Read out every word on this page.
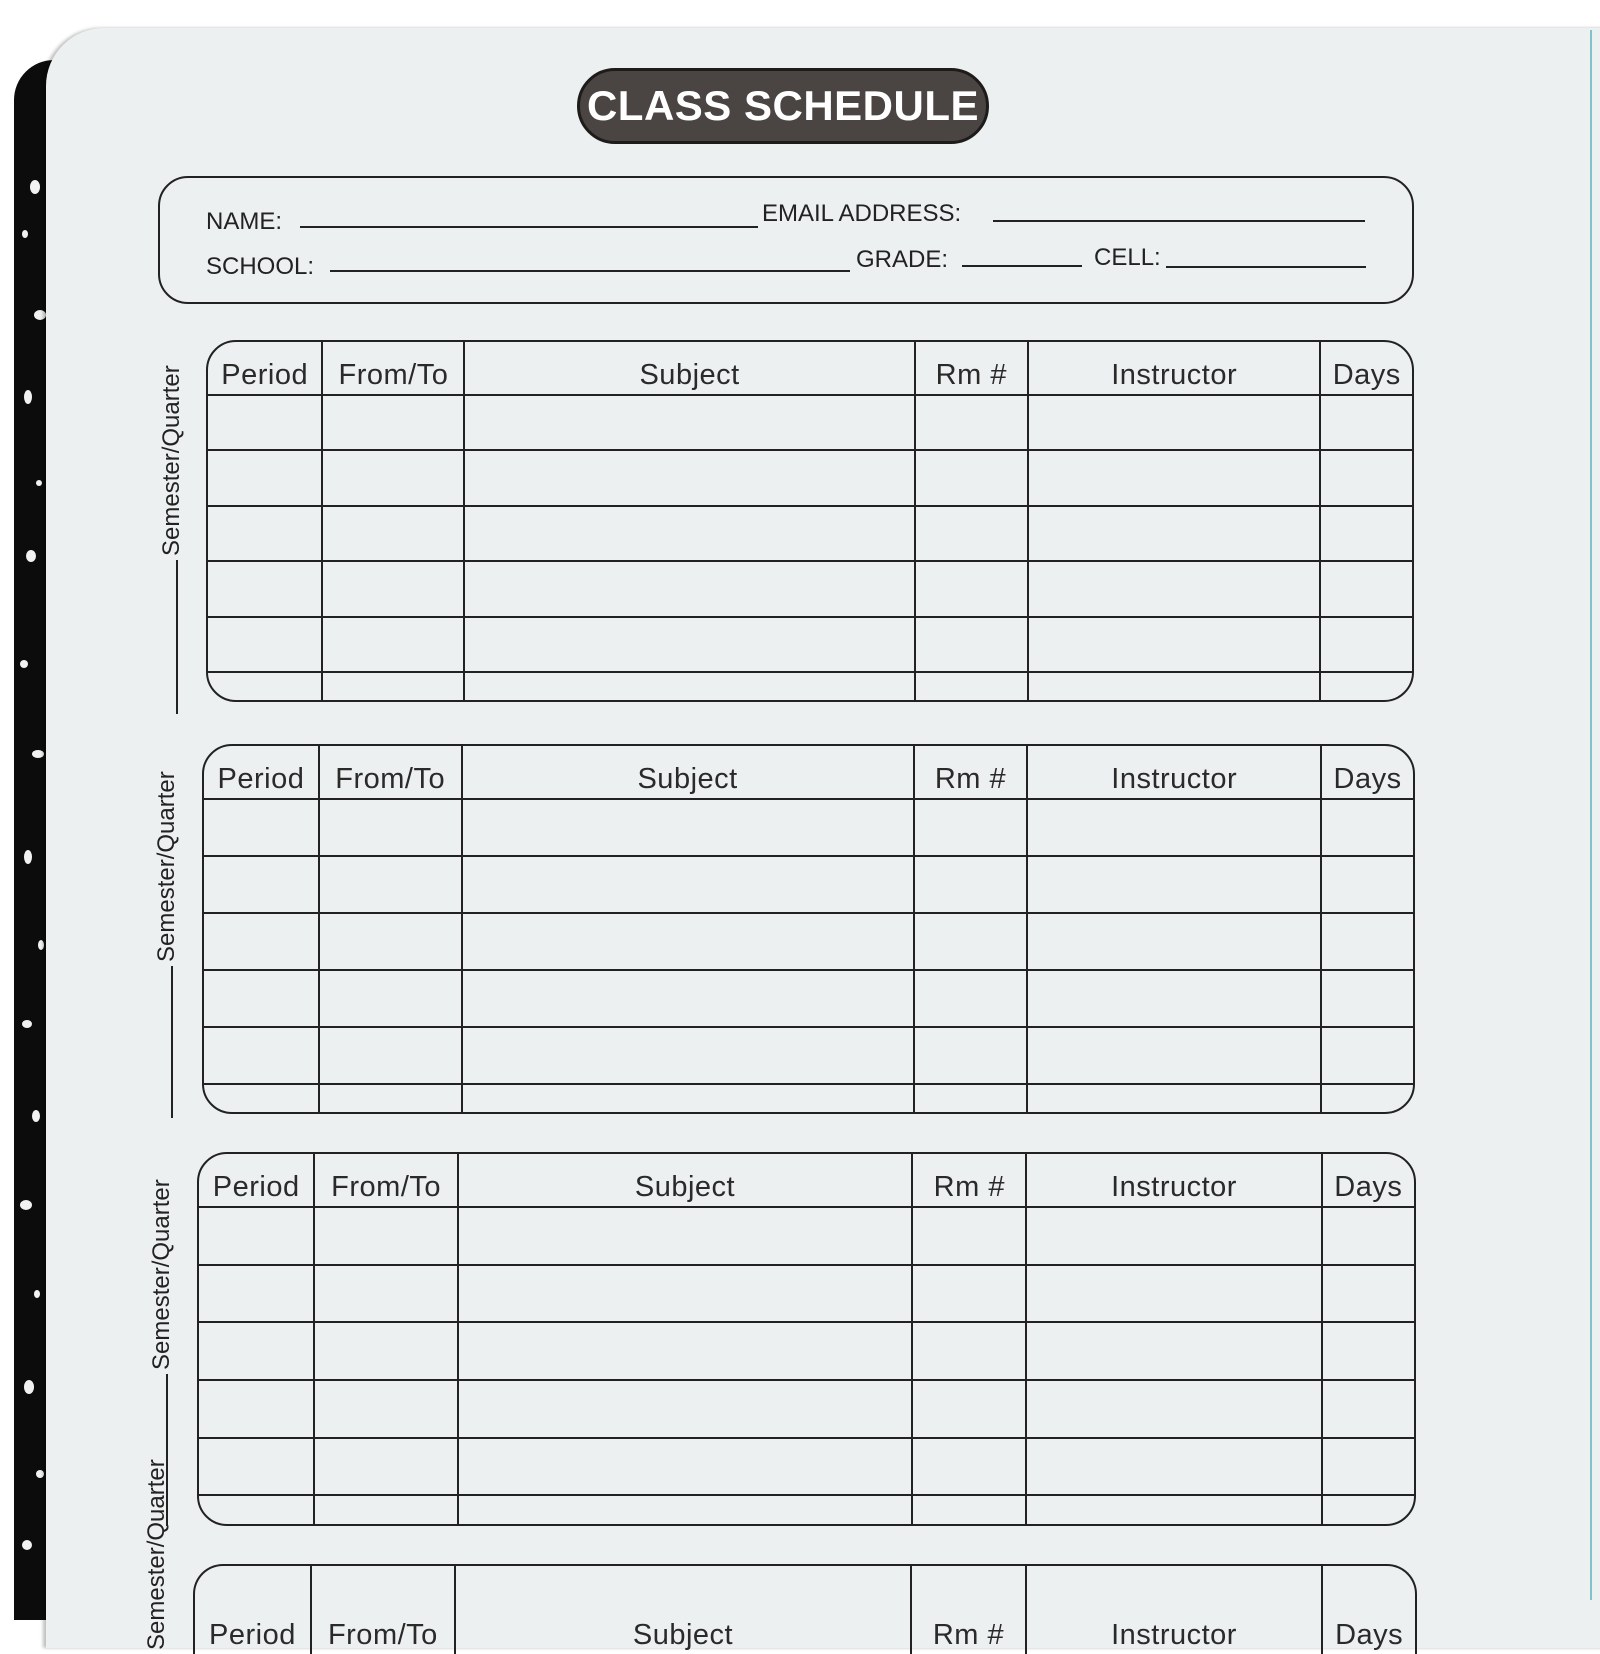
CLASS SCHEDULE
NAME:	EMAIL ADDRESS:
SCHOOL:	GRADE:	CELL:
Semester/Quarter Period	From/To	Subject	Rm #	Instructor	Days

Semester/Quarter Period	From/To	Subject	Rm #	Instructor	Days

Semester/Quarter Period	From/To	Subject	Rm #	Instructor	Days

Semester/Quarter Period	From/To	Subject	Rm #	Instructor	Days
